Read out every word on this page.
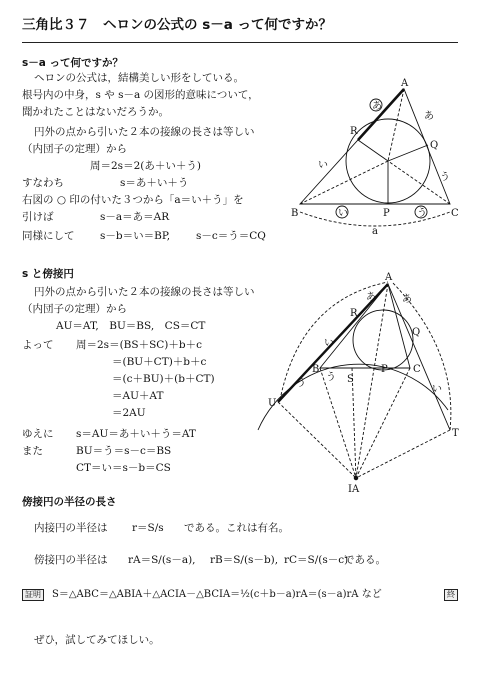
三角比３７　ヘロンの公式の s－a って何ですか？
s－a って何ですか？
ヘロンの公式は，結構美しい形をしている。
根号内の中身，s や s－a の図形的意味について，
聞かれたことはないだろうか。
円外の点から引いた２本の接線の長さは等しい
（内団子の定理）から
周＝2s＝2(あ＋い＋う)
すなわち	s＝あ＋い＋う
右図の ○ 印の付いた３つから「a＝い＋う」を
引けば	s－a＝あ＝AR
同様にして s－b＝い＝BP, s－c＝う＝CQ
s と傍接円
円外の点から引いた２本の接線の長さは等しい
（内団子の定理）から
AU＝AT,　BU＝BS,　CS＝CT
よって 周＝2s＝(BS＋SC)＋b＋c
＝(BU＋CT)＋b＋c
＝(c＋BU)＋(b＋CT)
＝AU＋AT
＝2AU
ゆえに s＝AU＝あ＋い＋う＝AT
また	BU＝う＝s－c＝BS
CT＝い＝s－b＝CS
傍接円の半径の長さ
内接円の半径は r＝S/s である。これは有名。
傍接円の半径は rA＝S/(s－a), rB＝S/(s－b), rC＝S/(s－c)
である。
証明	S＝△ABC＝△ABIA＋△ACIA－△BCIA＝½(c＋b－a)rA＝(s－a)rA など	終
ぜひ，試してみてほしい。
A
B	C
P
Q
R
あ
あ
い
い
う
う
a
A
B	C
P
Q
R
S
T
U
IA
あ	あ
い
い
う
う
